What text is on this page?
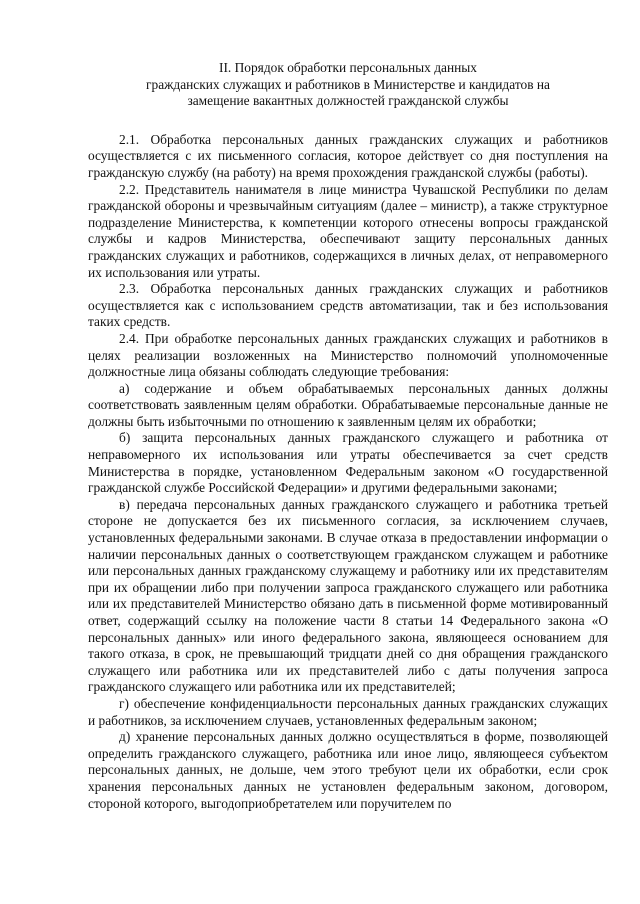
II. Порядок обработки персональных данных
гражданских служащих и работников в Министерстве и кандидатов на
замещение вакантных должностей гражданской службы

2.1. Обработка персональных данных гражданских служащих и работников осуществляется с их письменного согласия, которое действует со дня поступления на гражданскую службу (на работу) на время прохождения гражданской службы (работы).

2.2. Представитель нанимателя в лице министра Чувашской Республики по делам гражданской обороны и чрезвычайным ситуациям (далее – министр), а также структурное подразделение Министерства, к компетенции которого отнесены вопросы гражданской службы и кадров Министерства, обеспечивают защиту персональных данных гражданских служащих и работников, содержащихся в личных делах, от неправомерного их использования или утраты.

2.3. Обработка персональных данных гражданских служащих и работников осуществляется как с использованием средств автоматизации, так и без использования таких средств.

2.4. При обработке персональных данных гражданских служащих и работников в целях реализации возложенных на Министерство полномочий уполномоченные должностные лица обязаны соблюдать следующие требования:

а) содержание и объем обрабатываемых персональных данных должны соответствовать заявленным целям обработки. Обрабатываемые персональные данные не должны быть избыточными по отношению к заявленным целям их обработки;

б) защита персональных данных гражданского служащего и работника от неправомерного их использования или утраты обеспечивается за счет средств Министерства в порядке, установленном Федеральным законом «О государственной гражданской службе Российской Федерации» и другими федеральными законами;

в) передача персональных данных гражданского служащего и работника третьей стороне не допускается без их письменного согласия, за исключением случаев, установленных федеральными законами. В случае отказа в предоставлении информации о наличии персональных данных о соответствующем гражданском служащем и работнике или персональных данных гражданскому служащему и работнику или их представителям при их обращении либо при получении запроса гражданского служащего или работника или их представителей Министерство обязано дать в письменной форме мотивированный ответ, содержащий ссылку на положение части 8 статьи 14 Федерального закона «О персональных данных» или иного федерального закона, являющееся основанием для такого отказа, в срок, не превышающий тридцати дней со дня обращения гражданского служащего или работника или их представителей либо с даты получения запроса гражданского служащего или работника или их представителей;

г) обеспечение конфиденциальности персональных данных гражданских служащих и работников, за исключением случаев, установленных федеральным законом;

д) хранение персональных данных должно осуществляться в форме, позволяющей определить гражданского служащего, работника или иное лицо, являющееся субъектом персональных данных, не дольше, чем этого требуют цели их обработки, если срок хранения персональных данных не установлен федеральным законом, договором, стороной которого, выгодоприобретателем или поручителем по
